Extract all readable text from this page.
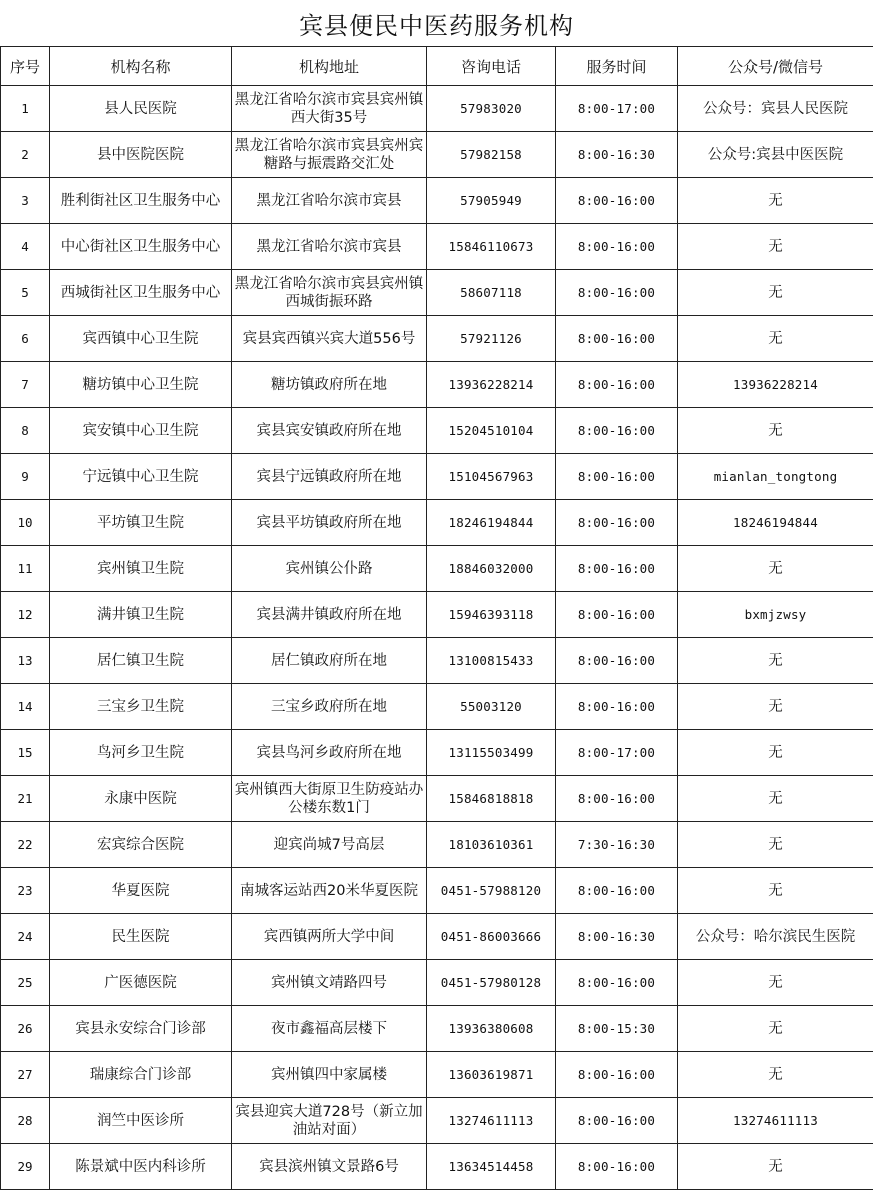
宾县便民中医药服务机构
序号	机构名称	机构地址	咨询电话	服务时间	公众号/微信号
1	县人民医院	黑龙江省哈尔滨市宾县宾州镇西大街35号	57983020	8:00-17:00	公众号：宾县人民医院
2	县中医院医院	黑龙江省哈尔滨市宾县宾州宾糖路与振震路交汇处	57982158	8:00-16:30	公众号:宾县中医医院
3	胜利街社区卫生服务中心	黑龙江省哈尔滨市宾县	57905949	8:00-16:00	无
4	中心街社区卫生服务中心	黑龙江省哈尔滨市宾县	15846110673	8:00-16:00	无
5	西城街社区卫生服务中心	黑龙江省哈尔滨市宾县宾州镇西城街振环路	58607118	8:00-16:00	无
6	宾西镇中心卫生院	宾县宾西镇兴宾大道556号	57921126	8:00-16:00	无
7	糖坊镇中心卫生院	糖坊镇政府所在地	13936228214	8:00-16:00	13936228214
8	宾安镇中心卫生院	宾县宾安镇政府所在地	15204510104	8:00-16:00	无
9	宁远镇中心卫生院	宾县宁远镇政府所在地	15104567963	8:00-16:00	mianlan_tongtong
10	平坊镇卫生院	宾县平坊镇政府所在地	18246194844	8:00-16:00	18246194844
11	宾州镇卫生院	宾州镇公仆路	18846032000	8:00-16:00	无
12	满井镇卫生院	宾县满井镇政府所在地	15946393118	8:00-16:00	bxmjzwsy
13	居仁镇卫生院	居仁镇政府所在地	13100815433	8:00-16:00	无
14	三宝乡卫生院	三宝乡政府所在地	55003120	8:00-16:00	无
15	鸟河乡卫生院	宾县鸟河乡政府所在地	13115503499	8:00-17:00	无
21	永康中医院	宾州镇西大街原卫生防疫站办公楼东数1门	15846818818	8:00-16:00	无
22	宏宾综合医院	迎宾尚城7号高层	18103610361	7:30-16:30	无
23	华夏医院	南城客运站西20米华夏医院	0451-57988120	8:00-16:00	无
24	民生医院	宾西镇两所大学中间	0451-86003666	8:00-16:30	公众号：哈尔滨民生医院
25	广医德医院	宾州镇文靖路四号	0451-57980128	8:00-16:00	无
26	宾县永安综合门诊部	夜市鑫福高层楼下	13936380608	8:00-15:30	无
27	瑞康综合门诊部	宾州镇四中家属楼	13603619871	8:00-16:00	无
28	润竺中医诊所	宾县迎宾大道728号（新立加油站对面）	13274611113	8:00-16:00	13274611113
29	陈景斌中医内科诊所	宾县滨州镇文景路6号	13634514458	8:00-16:00	无
